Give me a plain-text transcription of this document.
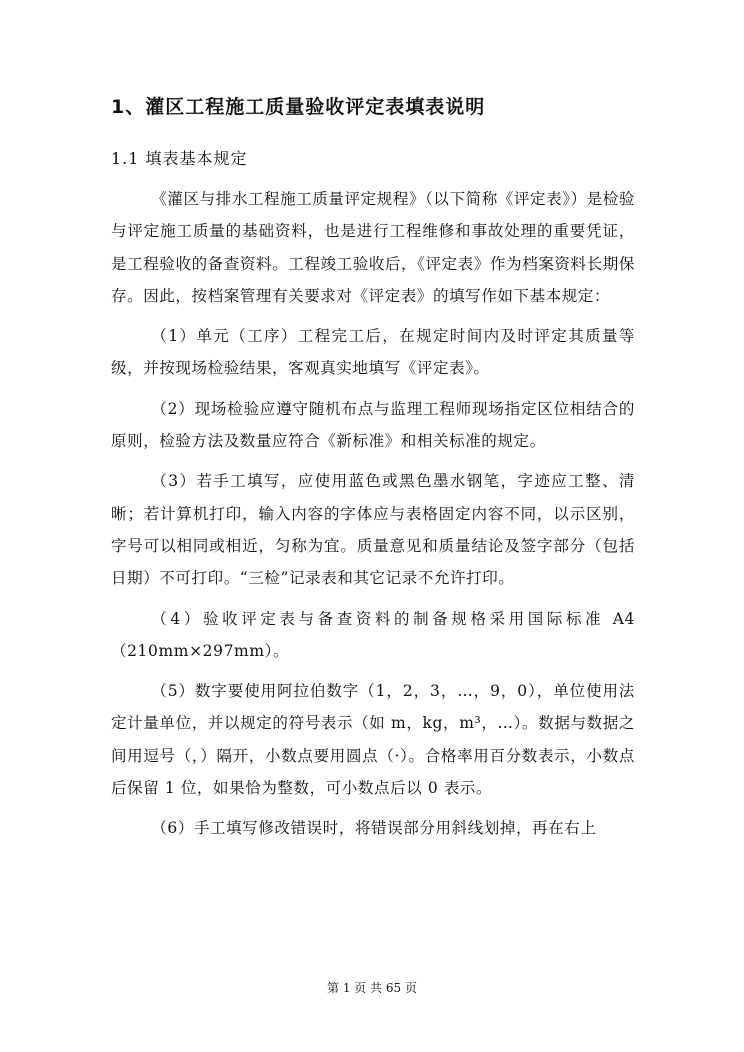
1、灌区工程施工质量验收评定表填表说明
1.1 填表基本规定

《灌区与排水工程施工质量评定规程》（以下简称《评定表》）是检验与评定施工质量的基础资料，也是进行工程维修和事故处理的重要凭证，是工程验收的备查资料。工程竣工验收后，《评定表》作为档案资料长期保存。因此，按档案管理有关要求对《评定表》的填写作如下基本规定：

（1）单元（工序）工程完工后，在规定时间内及时评定其质量等级，并按现场检验结果，客观真实地填写《评定表》。

（2）现场检验应遵守随机布点与监理工程师现场指定区位相结合的原则，检验方法及数量应符合《新标准》和相关标准的规定。

（3）若手工填写，应使用蓝色或黑色墨水钢笔，字迹应工整、清晰；若计算机打印，输入内容的字体应与表格固定内容不同，以示区别，字号可以相同或相近，匀称为宜。质量意见和质量结论及签字部分（包括日期）不可打印。“三检”记录表和其它记录不允许打印。

（4）验收评定表与备查资料的制备规格采用国际标准 A4（210mm×297mm）。

（5）数字要使用阿拉伯数字（1，2，3，…，9，0），单位使用法定计量单位，并以规定的符号表示（如 m，kg，m³，…）。数据与数据之间用逗号（，）隔开，小数点要用圆点（·）。合格率用百分数表示，小数点后保留 1 位，如果恰为整数，可小数点后以 0 表示。

（6）手工填写修改错误时，将错误部分用斜线划掉，再在右上

第 1 页 共 65 页
